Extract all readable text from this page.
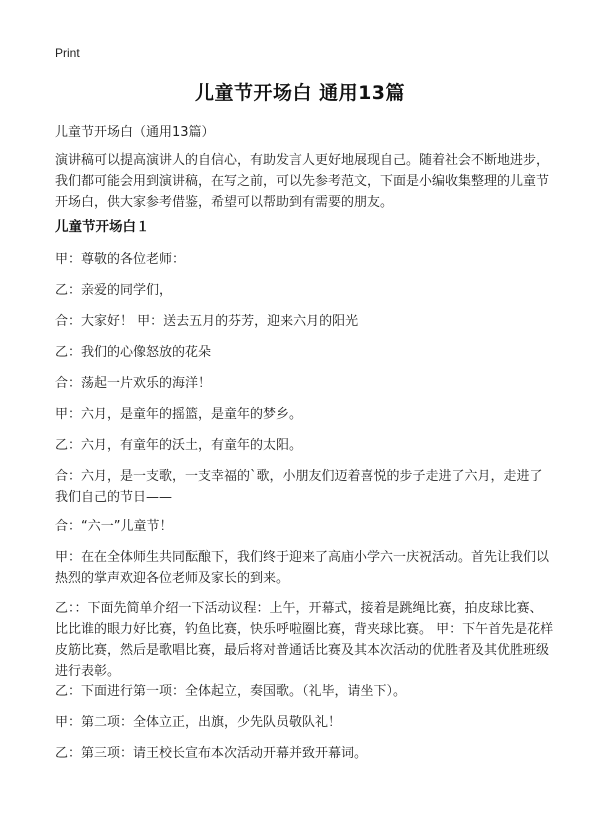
Print
儿童节开场白 通用13篇
儿童节开场白（通用13篇）
演讲稿可以提高演讲人的自信心，有助发言人更好地展现自己。随着社会不断地进步，我们都可能会用到演讲稿，在写之前，可以先参考范文，下面是小编收集整理的儿童节开场白，供大家参考借鉴，希望可以帮助到有需要的朋友。
儿童节开场白１
甲：尊敬的各位老师：
乙：亲爱的同学们，
合：大家好！ 甲：送去五月的芬芳，迎来六月的阳光
乙：我们的心像怒放的花朵
合：荡起一片欢乐的海洋！
甲：六月，是童年的摇篮，是童年的梦乡。
乙：六月，有童年的沃土，有童年的太阳。
合：六月，是一支歌，一支幸福的`歌，小朋友们迈着喜悦的步子走进了六月，走进了我们自己的节日——
合：“六一”儿童节！
甲：在在全体师生共同酝酿下，我们终于迎来了高庙小学六一庆祝活动。首先让我们以热烈的掌声欢迎各位老师及家长的到来。
乙：：下面先简单介绍一下活动议程：上午，开幕式，接着是跳绳比赛，拍皮球比赛、比比谁的眼力好比赛，钓鱼比赛，快乐呼啦圈比赛，背夹球比赛。 甲：下午首先是花样皮筋比赛，然后是歌唱比赛，最后将对普通话比赛及其本次活动的优胜者及其优胜班级进行表彰。
乙：下面进行第一项：全体起立，奏国歌。（礼毕，请坐下）。
甲：第二项：全体立正，出旗，少先队员敬队礼！
乙：第三项：请王校长宣布本次活动开幕并致开幕词。
